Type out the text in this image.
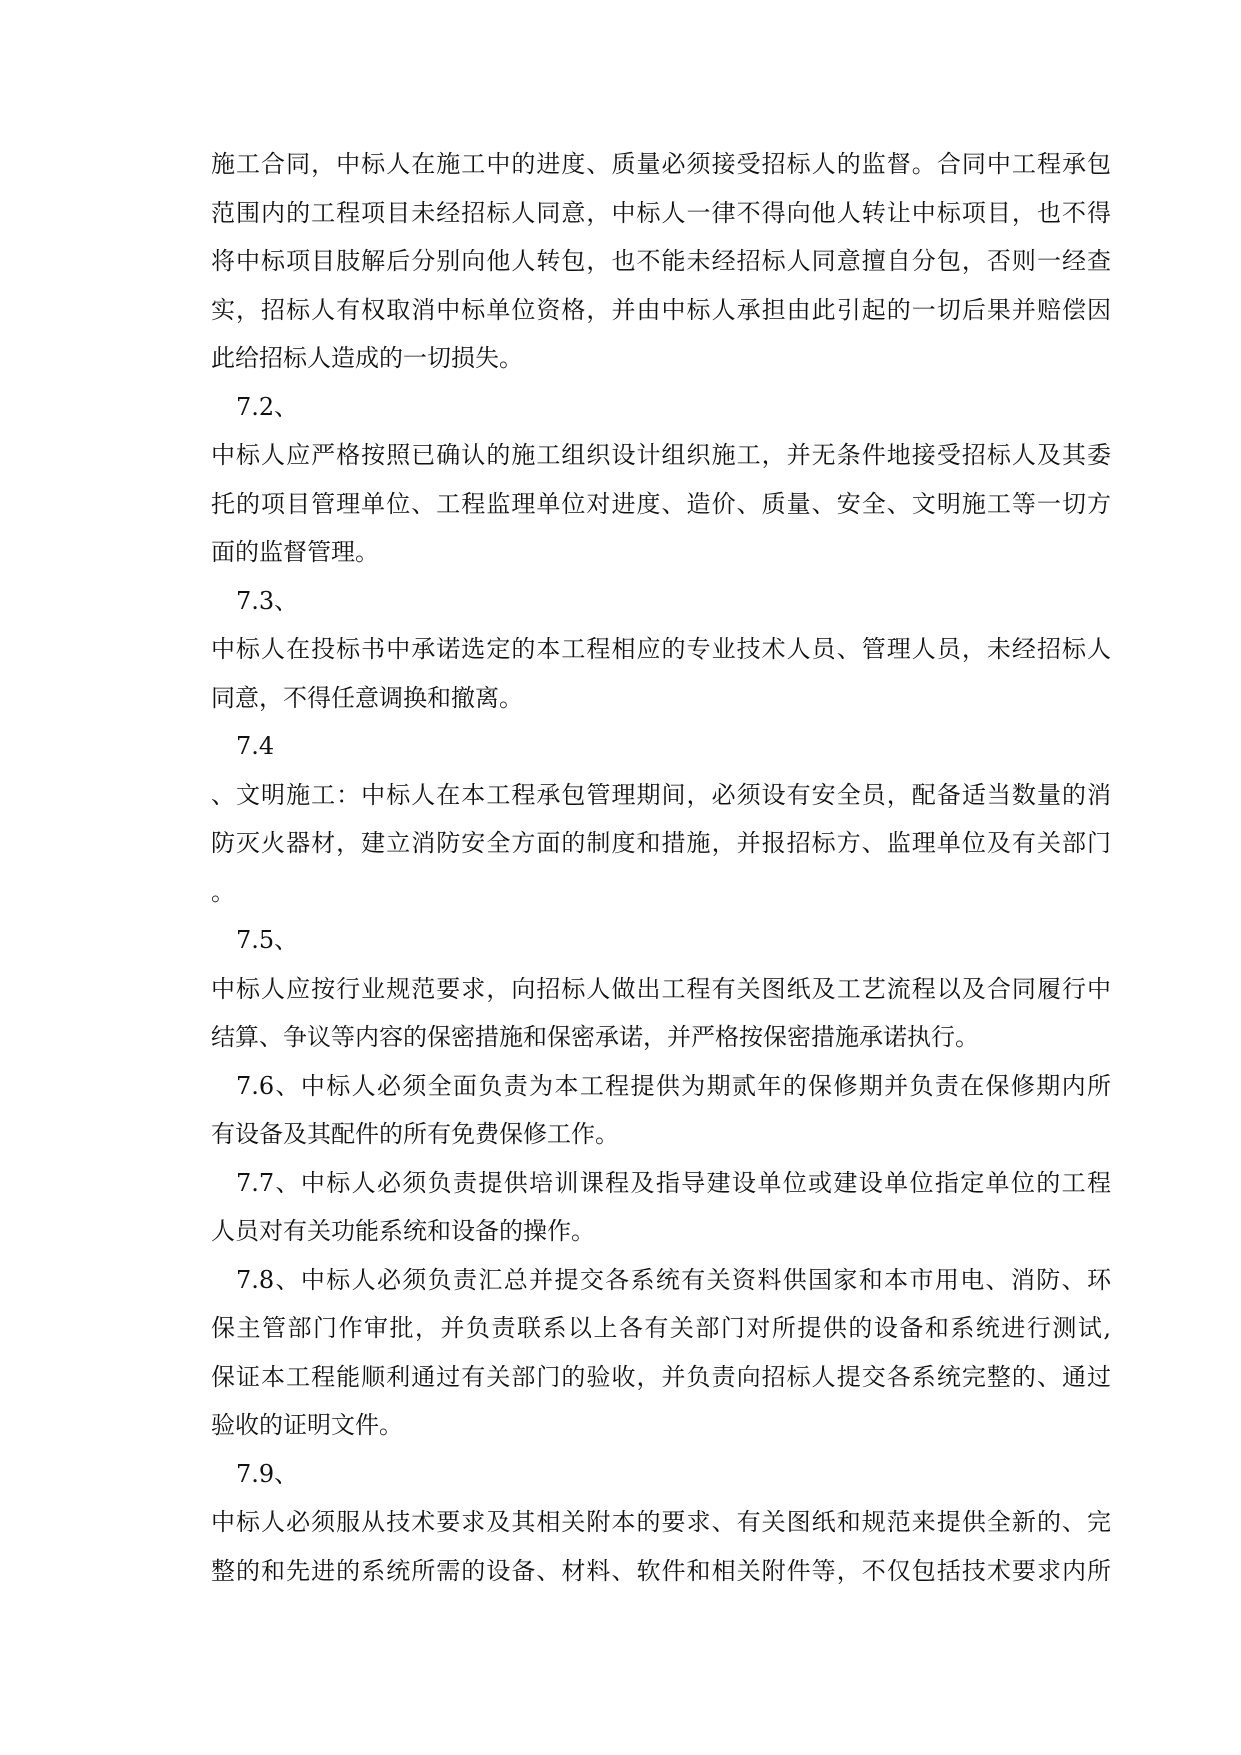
施工合同，中标人在施工中的进度、质量必须接受招标人的监督。合同中工程承包
范围内的工程项目未经招标人同意，中标人一律不得向他人转让中标项目，也不得
将中标项目肢解后分别向他人转包，也不能未经招标人同意擅自分包，否则一经查
实，招标人有权取消中标单位资格，并由中标人承担由此引起的一切后果并赔偿因
此给招标人造成的一切损失。
7.2、
中标人应严格按照已确认的施工组织设计组织施工，并无条件地接受招标人及其委
托的项目管理单位、工程监理单位对进度、造价、质量、安全、文明施工等一切方
面的监督管理。
7.3、
中标人在投标书中承诺选定的本工程相应的专业技术人员、管理人员，未经招标人
同意，不得任意调换和撤离。
7.4
、文明施工：中标人在本工程承包管理期间，必须设有安全员，配备适当数量的消
防灭火器材，建立消防安全方面的制度和措施，并报招标方、监理单位及有关部门
。
7.5、
中标人应按行业规范要求，向招标人做出工程有关图纸及工艺流程以及合同履行中
结算、争议等内容的保密措施和保密承诺，并严格按保密措施承诺执行。
7.6、中标人必须全面负责为本工程提供为期贰年的保修期并负责在保修期内所
有设备及其配件的所有免费保修工作。
7.7、中标人必须负责提供培训课程及指导建设单位或建设单位指定单位的工程
人员对有关功能系统和设备的操作。
7.8、中标人必须负责汇总并提交各系统有关资料供国家和本市用电、消防、环
保主管部门作审批，并负责联系以上各有关部门对所提供的设备和系统进行测试,
保证本工程能顺利通过有关部门的验收，并负责向招标人提交各系统完整的、通过
验收的证明文件。
7.9、
中标人必须服从技术要求及其相关附本的要求、有关图纸和规范来提供全新的、完
整的和先进的系统所需的设备、材料、软件和相关附件等，不仅包括技术要求内所
